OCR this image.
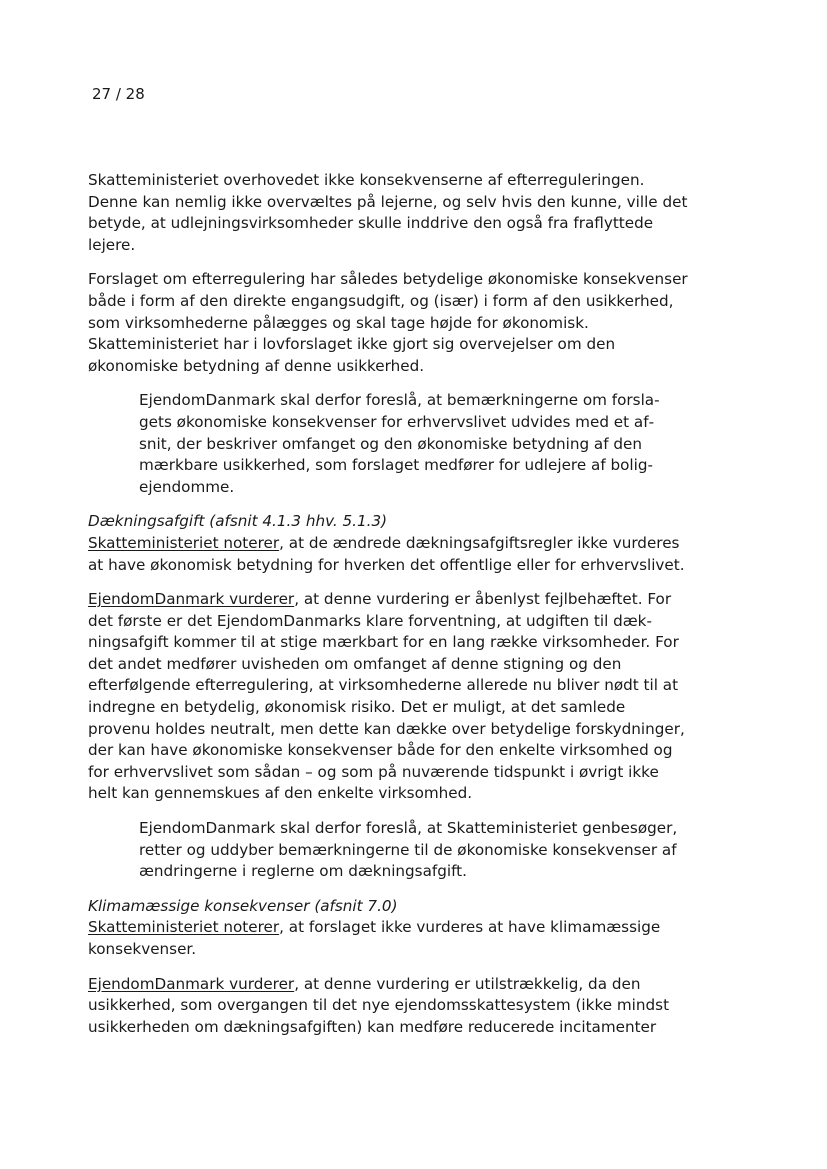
27 / 28

Skatteministeriet overhovedet ikke konsekvenserne af efterreguleringen. Denne kan nemlig ikke overvæltes på lejerne, og selv hvis den kunne, ville det betyde, at udlejningsvirksomheder skulle inddrive den også fra fraflyttede lejere.

Forslaget om efterregulering har således betydelige økonomiske konsekvenser både i form af den direkte engangsudgift, og (især) i form af den usikkerhed, som virksomhederne pålægges og skal tage højde for økonomisk. Skatteministeriet har i lovforslaget ikke gjort sig overvejelser om den økonomiske betydning af denne usikkerhed.

EjendomDanmark skal derfor foreslå, at bemærkningerne om forslagets økonomiske konsekvenser for erhvervslivet udvides med et afsnit, der beskriver omfanget og den økonomiske betydning af den mærkbare usikkerhed, som forslaget medfører for udlejere af boligejendomme.

Dækningsafgift (afsnit 4.1.3 hhv. 5.1.3)

Skatteministeriet noterer, at de ændrede dækningsafgiftsregler ikke vurderes at have økonomisk betydning for hverken det offentlige eller for erhvervslivet.

EjendomDanmark vurderer, at denne vurdering er åbenlyst fejlbehæftet. For det første er det EjendomDanmarks klare forventning, at udgiften til dækningsafgift kommer til at stige mærkbart for en lang række virksomheder. For det andet medfører uvisheden om omfanget af denne stigning og den efterfølgende efterregulering, at virksomhederne allerede nu bliver nødt til at indregne en betydelig, økonomisk risiko. Det er muligt, at det samlede provenu holdes neutralt, men dette kan dække over betydelige forskydninger, der kan have økonomiske konsekvenser både for den enkelte virksomhed og for erhvervslivet som sådan – og som på nuværende tidspunkt i øvrigt ikke helt kan gennemskues af den enkelte virksomhed.

EjendomDanmark skal derfor foreslå, at Skatteministeriet genbesøger, retter og uddyber bemærkningerne til de økonomiske konsekvenser af ændringerne i reglerne om dækningsafgift.

Klimamæssige konsekvenser (afsnit 7.0)

Skatteministeriet noterer, at forslaget ikke vurderes at have klimamæssige konsekvenser.

EjendomDanmark vurderer, at denne vurdering er utilstrækkelig, da den usikkerhed, som overgangen til det nye ejendomsskattesystem (ikke mindst usikkerheden om dækningsafgiften) kan medføre reducerede incitamenter
